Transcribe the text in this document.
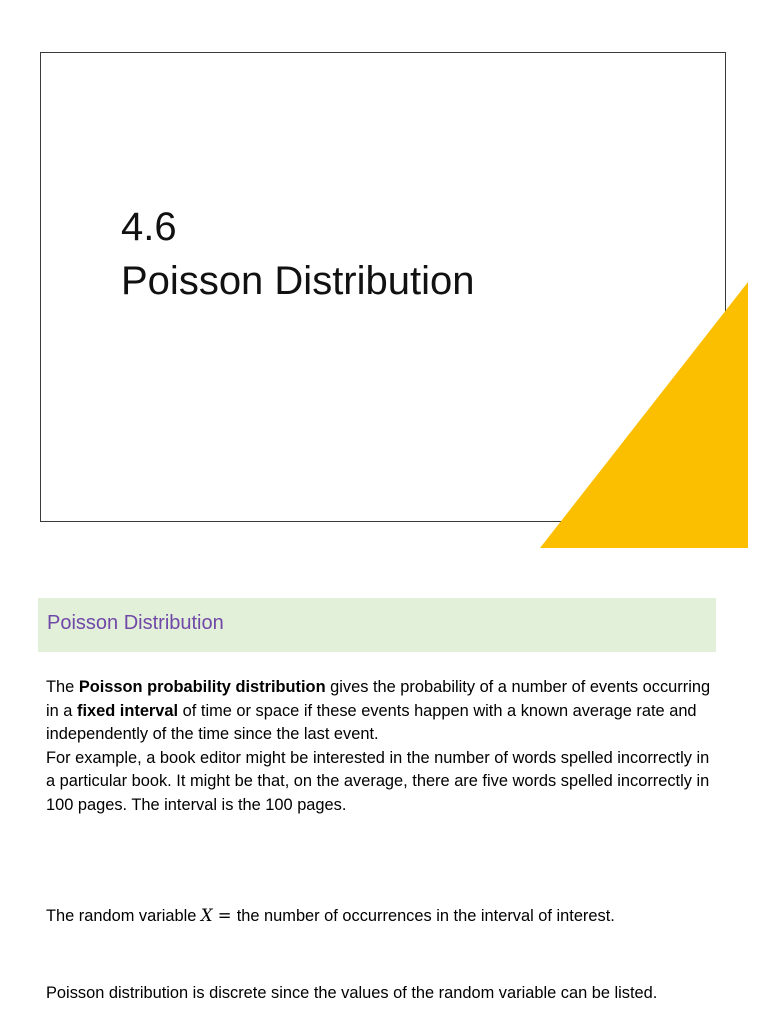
4.6
Poisson Distribution
Poisson Distribution

The Poisson probability distribution gives the probability of a number of events occurring in a fixed interval of time or space if these events happen with a known average rate and independently of the time since the last event.

For example, a book editor might be interested in the number of words spelled incorrectly in a particular book. It might be that, on the average, there are five words spelled incorrectly in 100 pages. The interval is the 100 pages.

The random variable X = the number of occurrences in the interval of interest.

Poisson distribution is discrete since the values of the random variable can be listed.
